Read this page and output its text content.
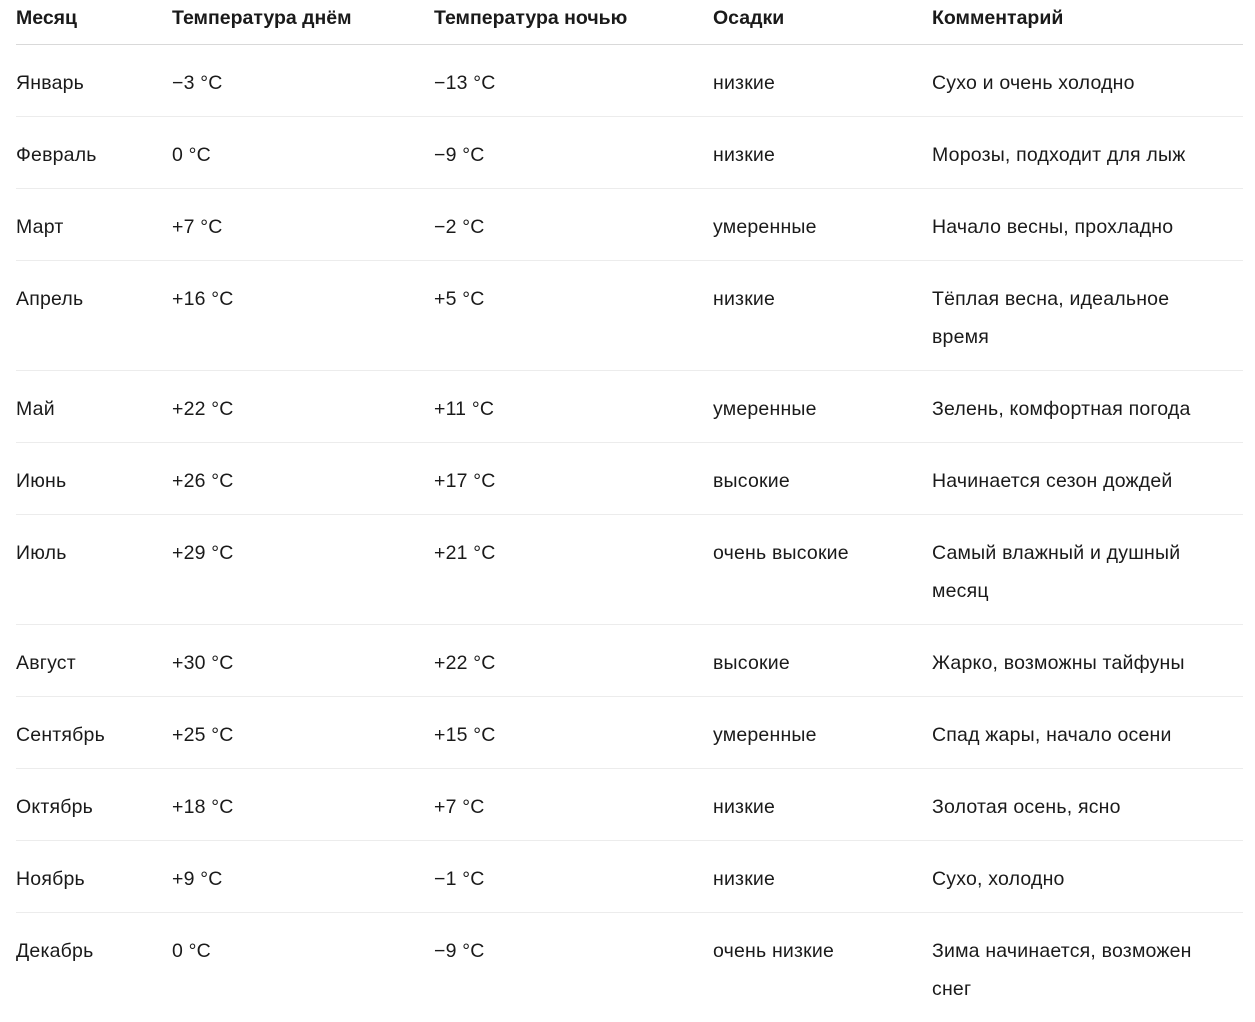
Месяц	Температура днём	Температура ночью	Осадки	Комментарий
Январь	−3 °C	−13 °C	низкие	Сухо и очень холодно
Февраль	0 °C	−9 °C	низкие	Морозы, подходит для лыж
Март	+7 °C	−2 °C	умеренные	Начало весны, прохладно
Апрель	+16 °C	+5 °C	низкие	Тёплая весна, идеальное время
Май	+22 °C	+11 °C	умеренные	Зелень, комфортная погода
Июнь	+26 °C	+17 °C	высокие	Начинается сезон дождей
Июль	+29 °C	+21 °C	очень высокие	Самый влажный и душный месяц
Август	+30 °C	+22 °C	высокие	Жарко, возможны тайфуны
Сентябрь	+25 °C	+15 °C	умеренные	Спад жары, начало осени
Октябрь	+18 °C	+7 °C	низкие	Золотая осень, ясно
Ноябрь	+9 °C	−1 °C	низкие	Сухо, холодно
Декабрь	0 °C	−9 °C	очень низкие	Зима начинается, возможен снег
